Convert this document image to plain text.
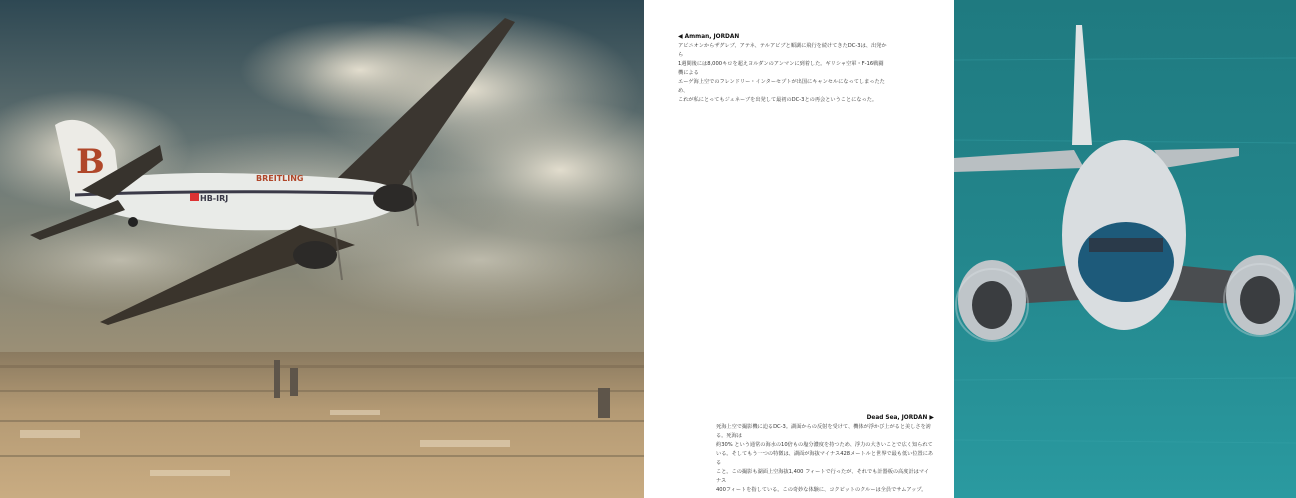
B	BREITLING
HB-IRJ
◀ Amman, JORDAN
アビニオンからザグレブ、アテネ、テルアビブと順調に飛行を続けてきたDC-3は、出発から
1週間後には8,000キロを超えヨルダンのアンマンに到着した。ギリシャ空軍・F-16戦闘機による
エーゲ海上空でのフレンドリー・インターセプトが出国にキャンセルになってしまったため、
これが私にとってもジュネーブを出発して最初のDC-3との再会ということになった。
Dead Sea, JORDAN ▶
死海上空で撮影機に迫るDC-3。湖面からの反射を受けて、機体が浮かび上がると美しさを誇る。死海は
約30% という通常の海水の10倍もの塩分濃度を持つため、浮力の大きいことで広く知られて
いる。そしてもう一つの特徴は、湖面が海抜マイナス428メートルと世界で最も低い位置にある
こと。この撮影も湖面上空海抜1,400 フィートで行ったが、それでも計器板の高度計はマイナス
400フィートを指している。この奇妙な体験に、コクピットのクルーは全員でサムアップ。
